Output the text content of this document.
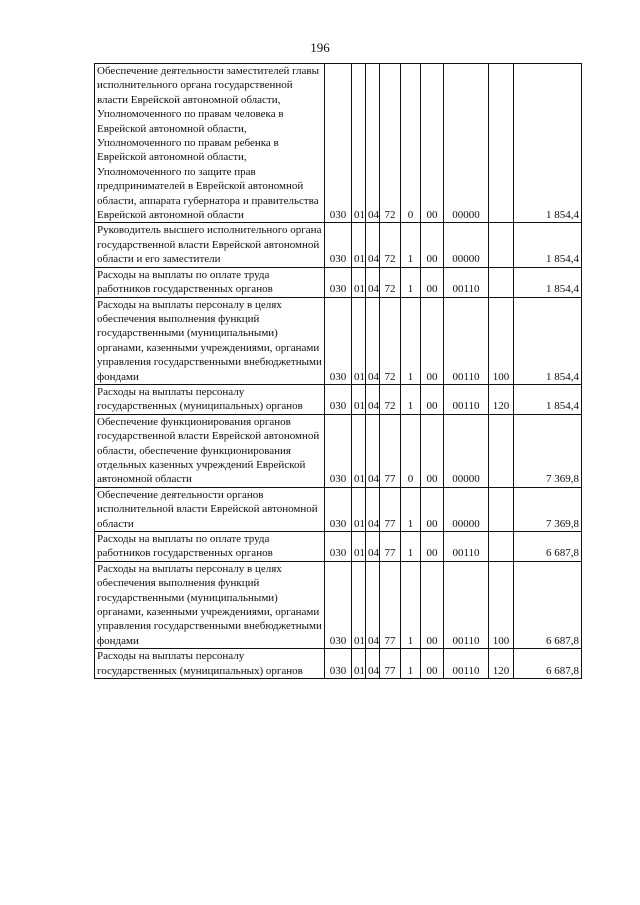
196
Обеспечение деятельности заместителей главы исполнительного органа государственной власти Еврейской автономной области, Уполномоченного по правам человека в Еврейской автономной области, Уполномоченного по правам ребенка в Еврейской автономной области, Уполномоченного по защите прав предпринимателей в Еврейской автономной области, аппарата губернатора и правительства Еврейской автономной области	030	01	04	72	0	00	00000		1 854,4
Руководитель высшего исполнительного органа государственной власти Еврейской автономной области и его заместители	030	01	04	72	1	00	00000		1 854,4
Расходы на выплаты по оплате труда работников государственных органов	030	01	04	72	1	00	00110		1 854,4
Расходы на выплаты персоналу в целях обеспечения выполнения функций государственными (муниципальными) органами, казенными учреждениями, органами управления государственными внебюджетными фондами	030	01	04	72	1	00	00110	100	1 854,4
Расходы на выплаты персоналу государственных (муниципальных) органов	030	01	04	72	1	00	00110	120	1 854,4
Обеспечение функционирования органов государственной власти Еврейской автономной области, обеспечение функционирования отдельных казенных учреждений Еврейской автономной области	030	01	04	77	0	00	00000		7 369,8
Обеспечение деятельности органов исполнительной власти Еврейской автономной области	030	01	04	77	1	00	00000		7 369,8
Расходы на выплаты по оплате труда работников государственных органов	030	01	04	77	1	00	00110		6 687,8
Расходы на выплаты персоналу в целях обеспечения выполнения функций государственными (муниципальными) органами, казенными учреждениями, органами управления государственными внебюджетными фондами	030	01	04	77	1	00	00110	100	6 687,8
Расходы на выплаты персоналу государственных (муниципальных) органов	030	01	04	77	1	00	00110	120	6 687,8
